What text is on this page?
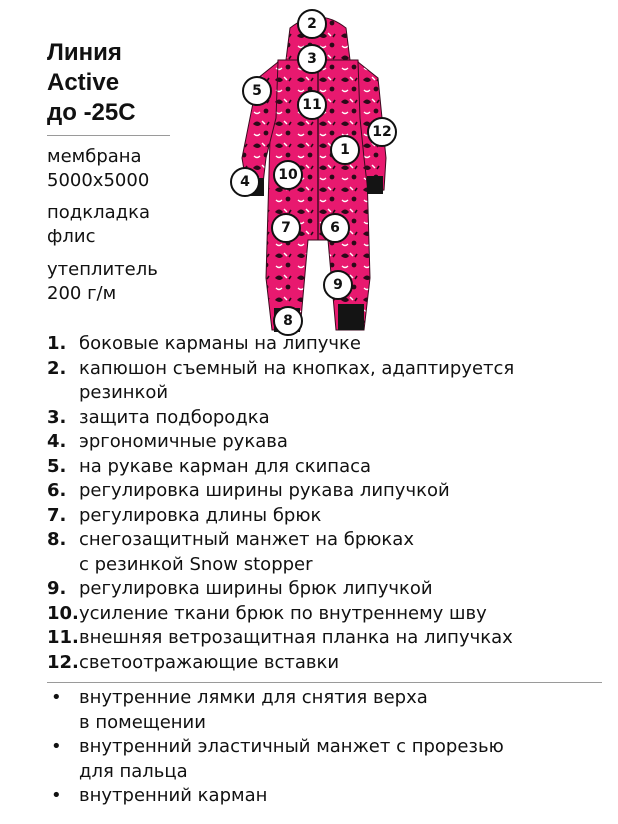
Линия
Active
до -25С
мембрана
5000x5000
подкладка
флис
утеплитель
200 г/м
2
3
5
11
12
1
10
4
7	6
9
8
1. боковые карманы на липучке
2. капюшон съемный на кнопках, адаптируется
резинкой
3. защита подбородка
4. эргономичные рукава
5. на рукаве карман для скипаса
6. регулировка ширины рукава липучкой
7. регулировка длины брюк
8. снегозащитный манжет на брюках
с резинкой Snow stopper
9. регулировка ширины брюк липучкой
10. усиление ткани брюк по внутреннему шву
11. внешняя ветрозащитная планка на липучках
12. светоотражающие вставки
• внутренние лямки для снятия верха
в помещении
• внутренний эластичный манжет с прорезью
для пальца
• внутренний карман
